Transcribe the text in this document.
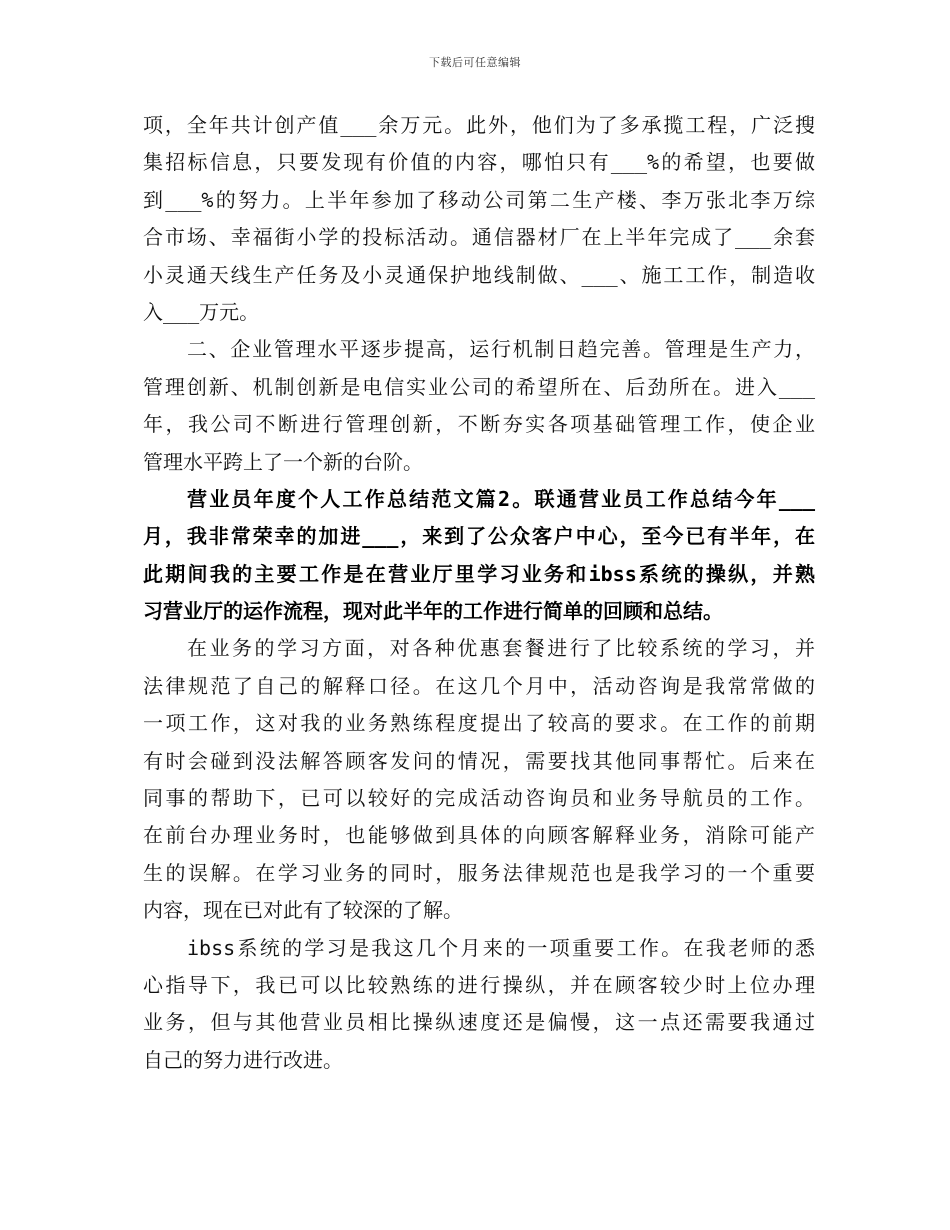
下载后可任意编辑
项，全年共计创产值___余万元。此外，他们为了多承揽工程，广泛搜
集招标信息，只要发现有价值的内容，哪怕只有___%的希望，也要做
到___%的努力。上半年参加了移动公司第二生产楼、李万张北李万综
合市场、幸福街小学的投标活动。通信器材厂在上半年完成了___余套
小灵通天线生产任务及小灵通保护地线制做、___、施工工作，制造收
入___万元。
二、企业管理水平逐步提高，运行机制日趋完善。管理是生产力，
管理创新、机制创新是电信实业公司的希望所在、后劲所在。进入___
年，我公司不断进行管理创新，不断夯实各项基础管理工作，使企业
管理水平跨上了一个新的台阶。
营业员年度个人工作总结范文篇2。联通营业员工作总结今年___
月，我非常荣幸的加进___，来到了公众客户中心，至今已有半年，在
此期间我的主要工作是在营业厅里学习业务和ibss系统的操纵，并熟
习营业厅的运作流程，现对此半年的工作进行简单的回顾和总结。
在业务的学习方面，对各种优惠套餐进行了比较系统的学习，并
法律规范了自己的解释口径。在这几个月中，活动咨询是我常常做的
一项工作，这对我的业务熟练程度提出了较高的要求。在工作的前期
有时会碰到没法解答顾客发问的情况，需要找其他同事帮忙。后来在
同事的帮助下，已可以较好的完成活动咨询员和业务导航员的工作。
在前台办理业务时，也能够做到具体的向顾客解释业务，消除可能产
生的误解。在学习业务的同时，服务法律规范也是我学习的一个重要
内容，现在已对此有了较深的了解。
ibss系统的学习是我这几个月来的一项重要工作。在我老师的悉
心指导下，我已可以比较熟练的进行操纵，并在顾客较少时上位办理
业务，但与其他营业员相比操纵速度还是偏慢，这一点还需要我通过
自己的努力进行改进。
